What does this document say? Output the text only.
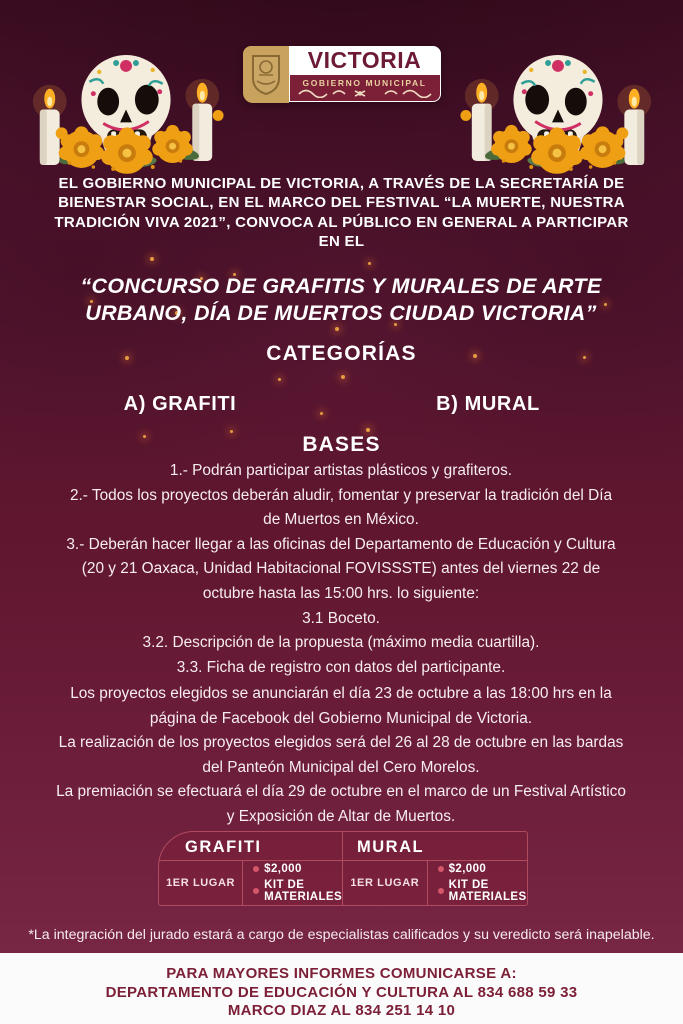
VICTORIA
GOBIERNO MUNICIPAL

EL GOBIERNO MUNICIPAL DE VICTORIA, A TRAVÉS DE LA SECRETARÍA DE BIENESTAR SOCIAL, EN EL MARCO DEL FESTIVAL “LA MUERTE, NUESTRA TRADICIÓN VIVA 2021”, CONVOCA AL PÚBLICO EN GENERAL A PARTICIPAR EN EL

“CONCURSO DE GRAFITIS Y MURALES DE ARTE URBANO, DÍA DE MUERTOS CIUDAD VICTORIA”
CATEGORÍAS
A) GRAFITI	B) MURAL
BASES

1.- Podrán participar artistas plásticos y grafiteros.

2.- Todos los proyectos deberán aludir, fomentar y preservar la tradición del Día de Muertos en México.

3.- Deberán hacer llegar a las oficinas del Departamento de Educación y Cultura (20 y 21 Oaxaca, Unidad Habitacional FOVISSSTE) antes del viernes 22 de octubre hasta las 15:00 hrs. lo siguiente:

3.1 Boceto.

3.2. Descripción de la propuesta (máximo media cuartilla).

3.3. Ficha de registro con datos del participante.

Los proyectos elegidos se anunciarán el día 23 de octubre a las 18:00 hrs en la página de Facebook del Gobierno Municipal de Victoria.

La realización de los proyectos elegidos será del 26 al 28 de octubre en las bardas del Panteón Municipal del Cero Morelos.

La premiación se efectuará el día 29 de octubre en el marco de un Festival Artístico y Exposición de Altar de Muertos.

GRAFITI
1ER LUGAR
$2,000
KIT DE MATERIALES
MURAL
1ER LUGAR
$2,000
KIT DE MATERIALES

*La integración del jurado estará a cargo de especialistas calificados y su veredicto será inapelable.

PARA MAYORES INFORMES COMUNICARSE A:

DEPARTAMENTO DE EDUCACIÓN Y CULTURA AL 834 688 59 33

MARCO DIAZ AL 834 251 14 10
